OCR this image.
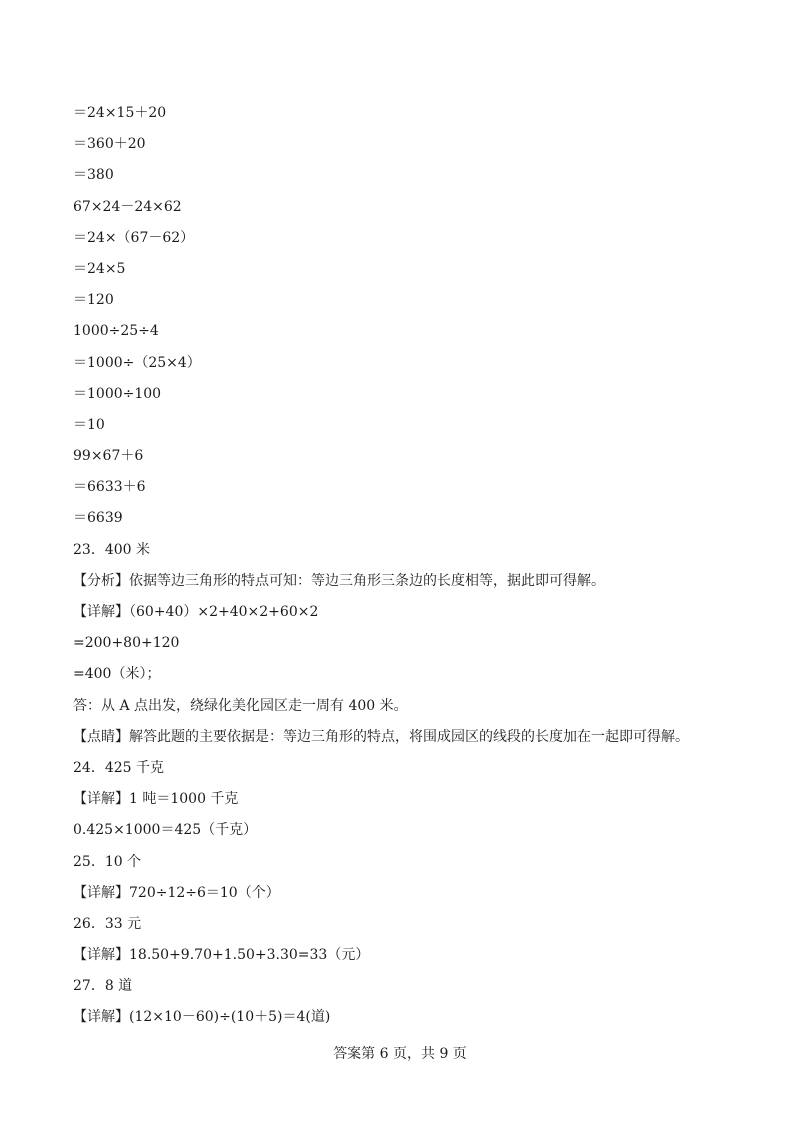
＝24×15＋20
＝360＋20
＝380
67×24－24×62
＝24×（67－62）
＝24×5
＝120
1000÷25÷4
＝1000÷（25×4）
＝1000÷100
＝10
99×67＋6
＝6633＋6
＝6639
23．400 米
【分析】依据等边三角形的特点可知：等边三角形三条边的长度相等，据此即可得解。
【详解】（60+40）×2+40×2+60×2
=200+80+120
=400（米）；
答：从 A 点出发，绕绿化美化园区走一周有 400 米。
【点睛】解答此题的主要依据是：等边三角形的特点，将围成园区的线段的长度加在一起即可得解。
24．425 千克
【详解】1 吨＝1000 千克
0.425×1000＝425（千克）
25．10 个
【详解】720÷12÷6＝10（个）
26．33 元
【详解】18.50+9.70+1.50+3.30=33（元）
27．8 道
【详解】(12×10－60)÷(10＋5)＝4(道)
答案第 6 页，共 9 页
